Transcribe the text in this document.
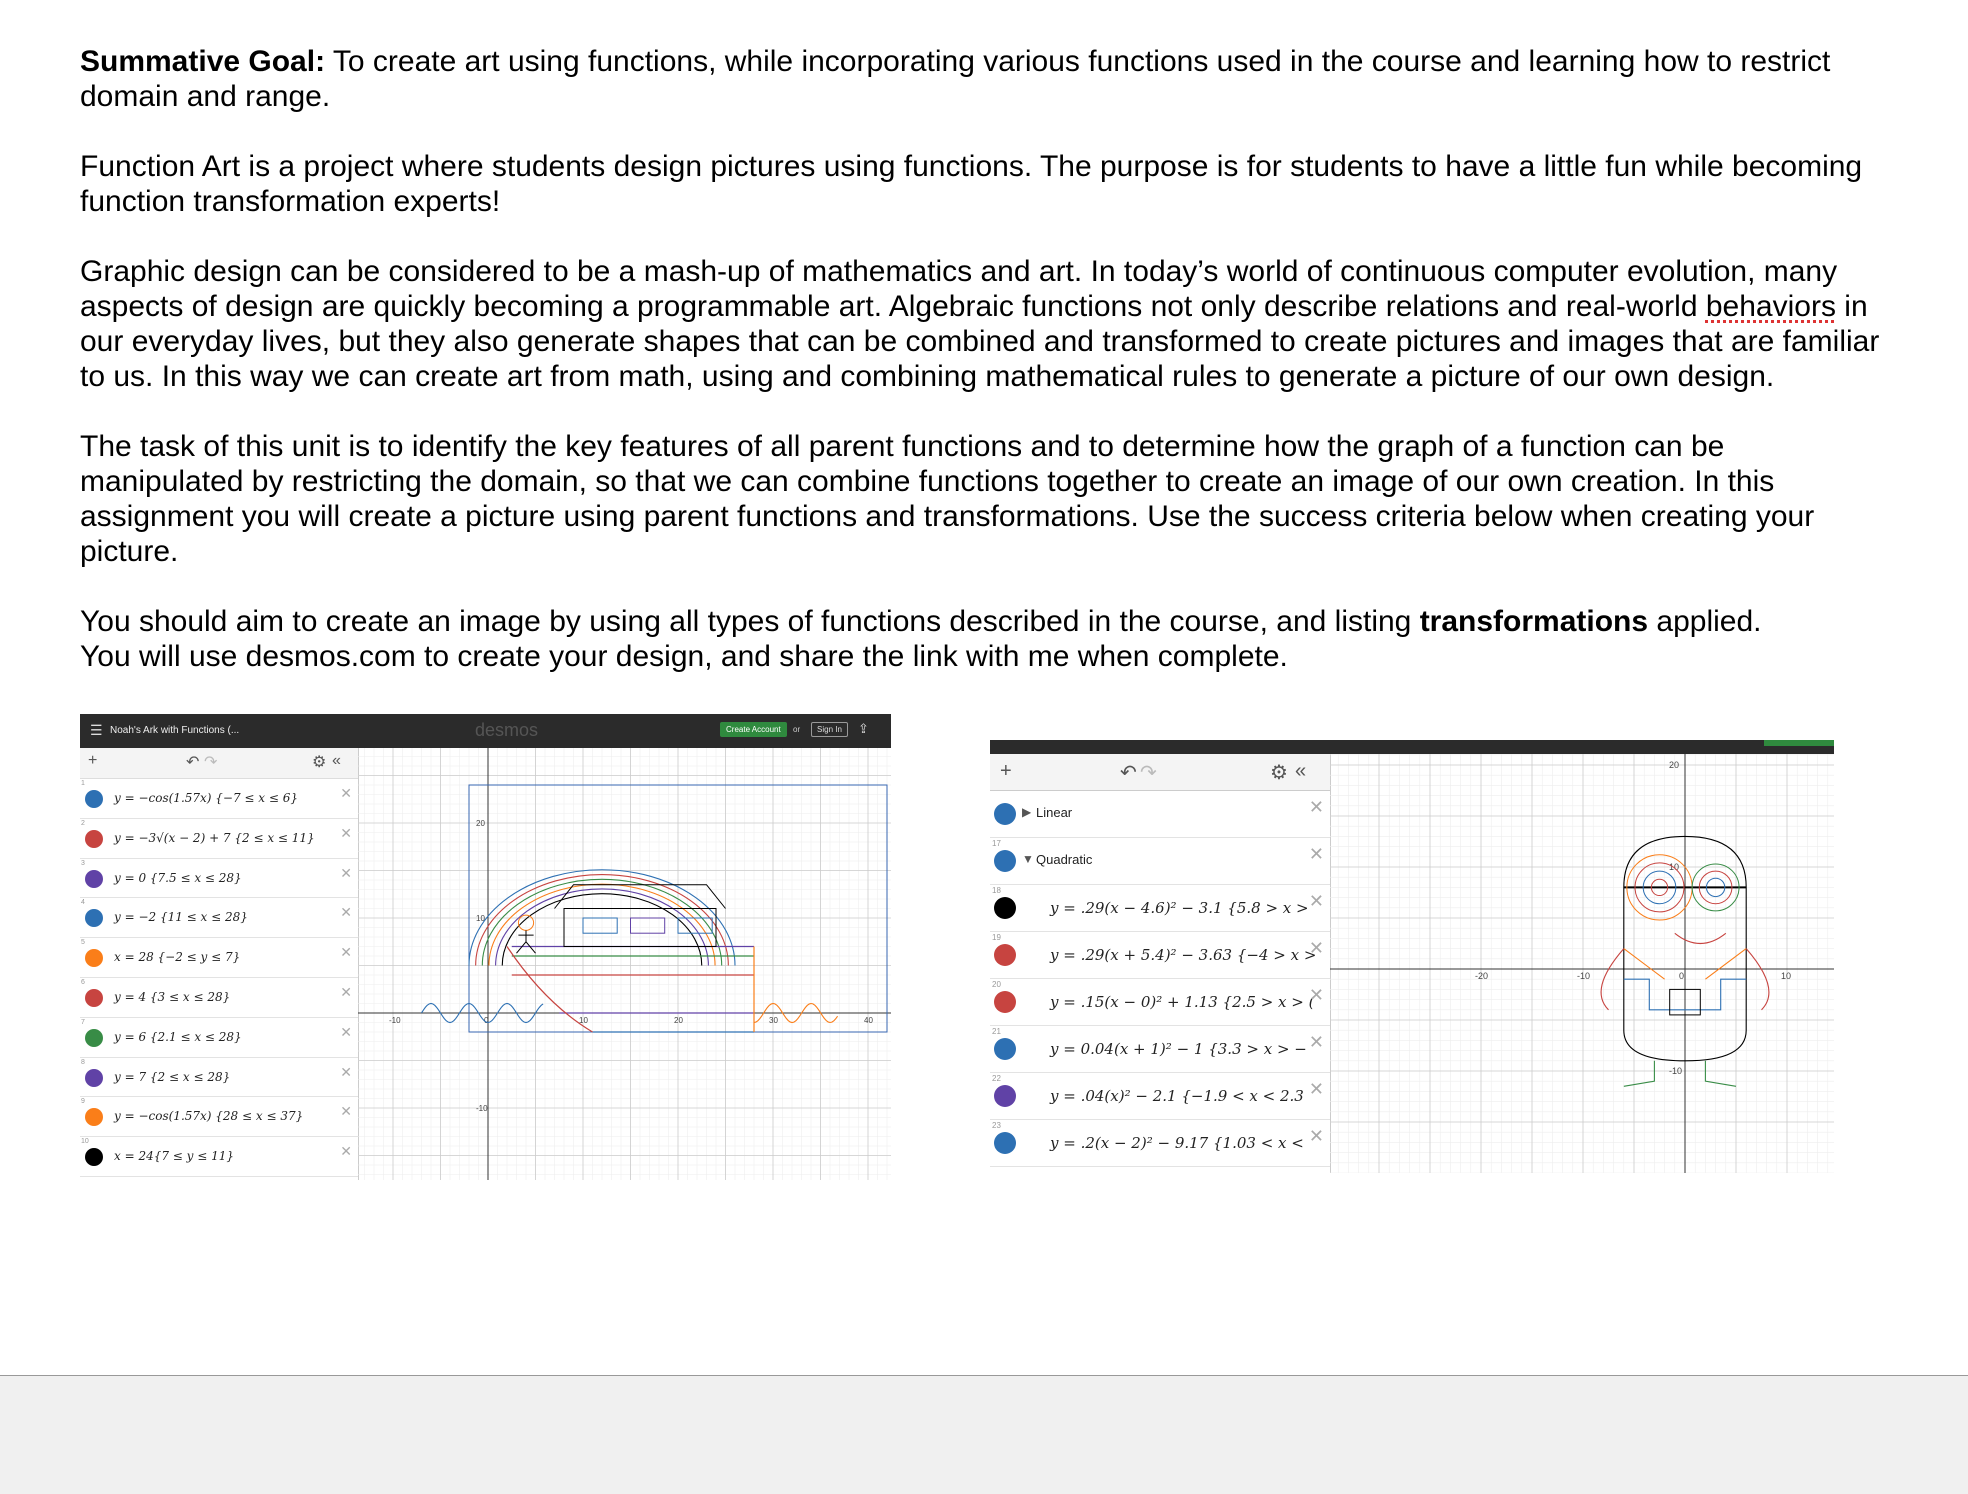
Summative Goal: To create art using functions, while incorporating various functions used in the course and learning how to restrict domain and range.

Function Art is a project where students design pictures using functions. The purpose is for students to have a little fun while becoming function transformation experts!

Graphic design can be considered to be a mash-up of mathematics and art. In today’s world of continuous computer evolution, many aspects of design are quickly becoming a programmable art. Algebraic functions not only describe relations and real-world behaviors in our everyday lives, but they also generate shapes that can be combined and transformed to create pictures and images that are familiar to us. In this way we can create art from math, using and combining mathematical rules to generate a picture of our own design.

The task of this unit is to identify the key features of all parent functions and to determine how the graph of a function can be manipulated by restricting the domain, so that we can combine functions together to create an image of our own creation. In this assignment you will create a picture using parent functions and transformations. Use the success criteria below when creating your picture.

You should aim to create an image by using all types of functions described in the course, and listing transformations applied.
You will use desmos.com to create your design, and share the link with me when complete.

☰ Noah's Ark with Functions (...	desmos	Create Account	or	Sign In	⇪
+	↶ ↷	⚙ «
1
y = −cos(1.57x) {−7 ≤ x ≤ 6}	✕
2
y = −3√(x − 2) + 7 {2 ≤ x ≤ 11} ✕
3
y = 0 {7.5 ≤ x ≤ 28}	✕
4
y = −2 {11 ≤ x ≤ 28}	✕
5
x = 28 {−2 ≤ y ≤ 7}	✕
6
y = 4 {3 ≤ x ≤ 28}	✕
7
y = 6 {2.1 ≤ x ≤ 28}	✕
8
y = 7 {2 ≤ x ≤ 28}	✕
9
y = −cos(1.57x) {28 ≤ x ≤ 37}	✕
10
x = 24{7 ≤ y ≤ 11}	✕
-10	0	10	20	30	40
20
10
-10
+	↶ ↷	⚙ «
▶ Linear	✕
17
▼ Quadratic	✕
18
y = .29(x − 4.6)² − 3.1 {5.8 > x > ✕
19
y = .29(x + 5.4)² − 3.63 {−4 > x >
✕
20
y = .15(x − 0)² + 1.13 {2.5 > x > (
✕
21
y = 0.04(x + 1)² − 1 {3.3 > x > − ✕
22
y = .04(x)² − 2.1 {−1.9 < x < 2.3 ✕
23
y = .2(x − 2)² − 9.17 {1.03 < x < ✕
-20	-10	0	10
20
10
-10
